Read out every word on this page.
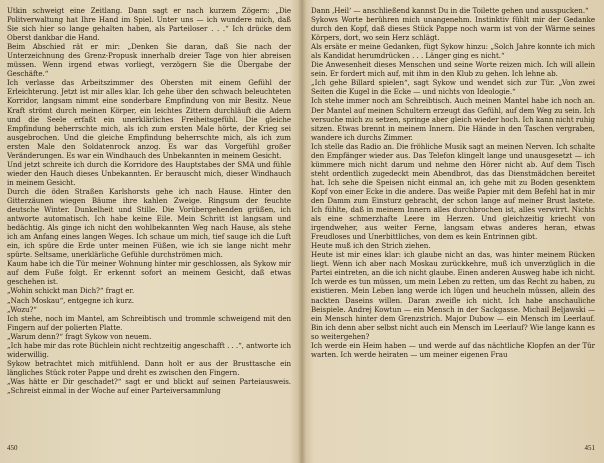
Utkin schweigt eine Zeitlang. Dann sagt er nach kurzem Zögern: „Die Politverwaltung hat Ihre Hand im Spiel. Unter uns — ich wundere mich, daß Sie sich hier so lange gehalten haben, als Parteiloser . . .“ Ich drücke dem Oberst dankbar die Hand.

Beim Abschied rät er mir: „Denken Sie daran, daß Sie nach der Unterzeichnung des Grenz-Propusk innerhalb dreier Tage von hier abreisen müssen. Wenn irgend etwas vorliegt, verzögern Sie die Übergabe der Geschäfte.“

Ich verlasse das Arbeitszimmer des Obersten mit einem Gefühl der Erleichterung. Jetzt ist mir alles klar. Ich gehe über den schwach beleuchteten Korridor, langsam nimmt eine sonderbare Empfindung von mir Besitz. Neue Kraft strömt durch meinen Körper, ein leichtes Zittern durchläuft die Adern und die Seele erfaßt ein unerklärliches Freiheitsgefühl. Die gleiche Empfindung beherrschte mich, als ich zum ersten Male hörte, der Krieg sei ausgebrochen. Und die gleiche Empfindung beherrschte mich, als ich zum ersten Male den Soldatenrock anzog. Es war das Vorgefühl großer Veränderungen. Es war ein Windhauch des Unbekannten in meinem Gesicht.

Und jetzt schreite ich durch die Korridore des Hauptstabes der SMA und fühle wieder den Hauch dieses Unbekannten. Er berauscht mich, dieser Windhauch in meinem Gesicht.

Durch die öden Straßen Karlshorsts gehe ich nach Hause. Hinter den Gitterzäunen wiegen Bäume ihre kahlen Zweige. Ringsum der feuchte deutsche Winter. Dunkelheit und Stille. Die Vorübergehenden grüßen, ich antworte automatisch. Ich habe keine Eile. Mein Schritt ist langsam und bedächtig. Als ginge ich nicht den wohlbekannten Weg nach Hause, als stehe ich am Anfang eines langen Weges. Ich schaue um mich, tief sauge ich die Luft ein, ich spüre die Erde unter meinen Füßen, wie ich sie lange nicht mehr spürte. Seltsame, unerklärliche Gefühle durchströmen mich.

Kaum habe ich die Tür meiner Wohnung hinter mir geschlossen, als Sykow mir auf dem Fuße folgt. Er erkennt sofort an meinem Gesicht, daß etwas geschehen ist.

„Wohin schickt man Dich?“ fragt er.

„Nach Moskau“, entgegne ich kurz.

„Wozu?“

Ich stehe, noch im Mantel, am Schreibtisch und trommle schweigend mit den Fingern auf der polierten Platte.

„Warum denn?“ fragt Sykow von neuem.

„Ich habe mir das rote Büchlein nicht rechtzeitig angeschafft . . .“, antworte ich widerwillig.

Sykow betrachtet mich mitfühlend. Dann holt er aus der Brusttasche ein längliches Stück roter Pappe und dreht es zwischen den Fingern.

„Was hätte er Dir geschadet?“ sagt er und blickt auf seinen Parteiausweis. „Schreist einmal in der Woche auf einer Parteiversammlung

450

Dann ‚Heil‘ — anschließend kannst Du in die Toilette gehen und ausspucken.“

Sykows Worte berühren mich unangenehm. Instinktiv fühlt mir der Gedanke durch den Kopf, daß dieses Stück Pappe noch warm ist von der Wärme seines Körpers, dort, wo sein Herz schlägt.

Als ersäte er meine Gedanken, fügt Sykow hinzu: „Solch Jahre konnte ich mich als Kandidat herumdrücken . . . Länger ging es nicht.“

Die Anwesenheit dieses Menschen und seine Worte reizen mich. Ich will allein sein. Er fordert mich auf, mit ihm in den Klub zu gehen. Ich lehne ab.

„Ich gehe Billard spielen“, sagt Sykow und wendet sich zur Tür. „Von zwei Seiten die Kugel in die Ecke — und nichts von Ideologie.“

Ich stehe immer noch am Schreibtisch. Auch meinen Mantel habe ich noch an. Der Mantel auf meinen Schultern erzeugt das Gefühl, auf dem Weg zu sein. Ich versuche mich zu setzen, springe aber gleich wieder hoch. Ich kann nicht ruhig sitzen. Etwas brennt in meinem Innern. Die Hände in den Taschen vergraben, wandere ich durchs Zimmer.

Ich stelle das Radio an. Die fröhliche Musik sagt an meinen Nerven. Ich schalte den Empfänger wieder aus. Das Telefon klingelt lange und unausgesetzt — ich kümmere mich nicht darum und nehme den Hörer nicht ab. Auf dem Tisch steht ordentlich zugedeckt mein Abendbrot, das das Dienstmädchen bereitet hat. Ich sehe die Speisen nicht einmal an, ich gehe mit zu Boden gesenktem Kopf von einer Ecke in die andere. Das weiße Papier mit dem Befehl hat in mir den Damm zum Einsturz gebracht, der schon lange auf meiner Brust lastete. Ich fühlte, daß in meinem Innern alles durchbrochen ist, alles verwirrt. Nichts als eine schmerzhafte Leere im Herzen. Und gleichzeitig kriecht von irgendweher, aus weiter Ferne, langsam etwas anderes heran, etwas Freudloses und Unerbittliches, von dem es kein Entrinnen gibt.

Heute muß ich den Strich ziehen.

Heute ist mir eines klar: ich glaube nicht an das, was hinter meinem Rücken liegt. Wenn ich aber nach Moskau zurückkehre, muß ich unverzüglich in die Partei eintreten, an die ich nicht glaube. Einen anderen Ausweg habe ich nicht. Ich werde es tun müssen, um mein Leben zu retten, um das Recht zu haben, zu existieren. Mein Leben lang werde ich lügen und heucheln müssen, allein des nackten Daseins willen. Daran zweifle ich nicht. Ich habe anschauliche Beispiele. Andrej Kowtun — ein Mensch in der Sackgasse. Michail Beljawski — ein Mensch hinter dem Grenzstrich. Major Dubow — ein Mensch im Leerlauf. Bin ich denn aber selbst nicht auch ein Mensch im Leerlauf? Wie lange kann es so weitergehen?

Ich werde ein Heim haben — und werde auf das nächtliche Klopfen an der Tür warten. Ich werde heiraten — um meiner eigenen Frau

451
